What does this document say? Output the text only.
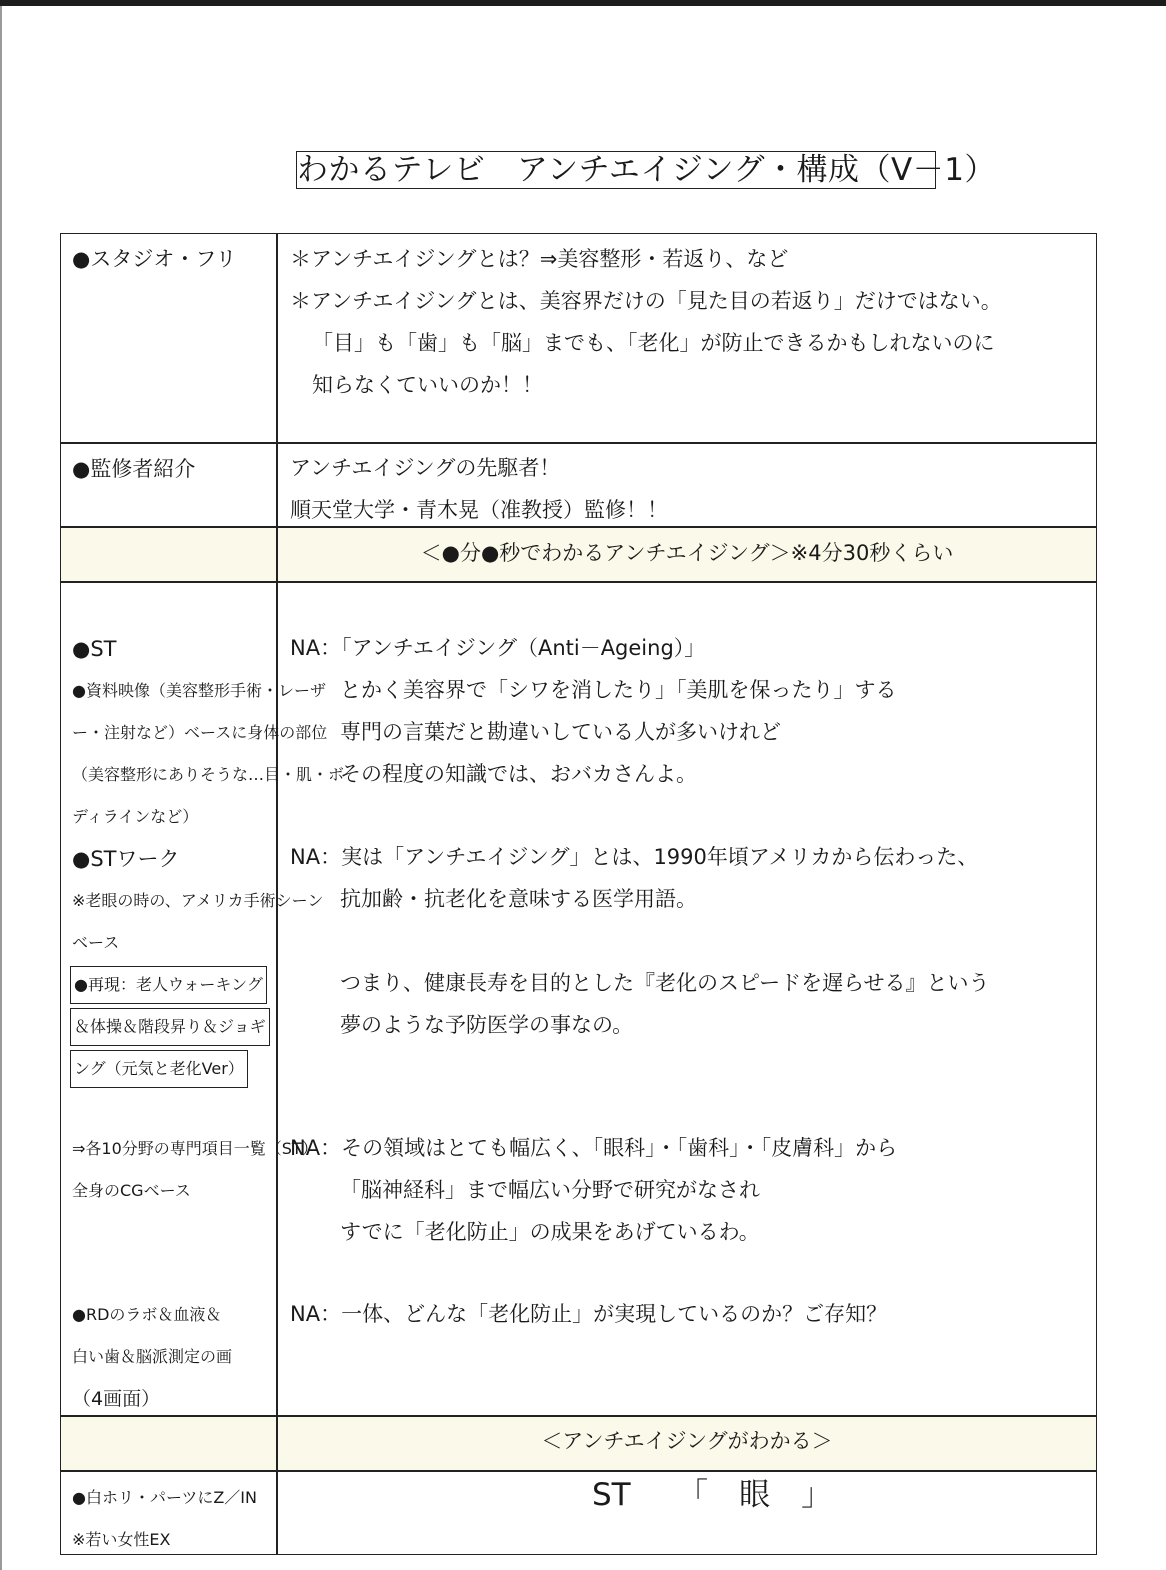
わかるテレビ　アンチエイジング・構成（V－1）
●スタジオ・フリ	＊アンチエイジングとは？⇒美容整形・若返り、など
＊アンチエイジングとは、美容界だけの「見た目の若返り」だけではない。
「目」も「歯」も「脳」までも、「老化」が防止できるかもしれないのに
知らなくていいのか！！
●監修者紹介	アンチエイジングの先駆者！
順天堂大学・青木晃（准教授）監修！！
＜●分●秒でわかるアンチエイジング＞※4分30秒くらい
●ST
●資料映像（美容整形手術・レーザ
ー・注射など）ベースに身体の部位
（美容整形にありそうな…目・肌・ボ
ディラインなど）
●STワーク
※老眼の時の、アメリカ手術シーン
ベース
●再現：老人ウォーキング
＆体操＆階段昇り＆ジョギ
ング（元気と老化Ver）
⇒各10分野の専門項目一覧（ST）
全身のCGベース
●RDのラボ＆血液＆
白い歯＆脳派測定の画
（4画面）
NA：「アンチエイジング（Anti－Ageing）」
とかく美容界で「シワを消したり」「美肌を保ったり」する
専門の言葉だと勘違いしている人が多いけれど
その程度の知識では、おバカさんよ。
NA：実は「アンチエイジング」とは、1990年頃アメリカから伝わった、
抗加齢・抗老化を意味する医学用語。
つまり、健康長寿を目的とした『老化のスピードを遅らせる』という
夢のような予防医学の事なの。
NA：その領域はとても幅広く、「眼科」・「歯科」・「皮膚科」から
「脳神経科」まで幅広い分野で研究がなされ
すでに「老化防止」の成果をあげているわ。
NA：一体、どんな「老化防止」が実現しているのか？ご存知？
＜アンチエイジングがわかる＞
●白ホリ・パーツにZ／IN
※若い女性EX
ST　　「　眼　」
